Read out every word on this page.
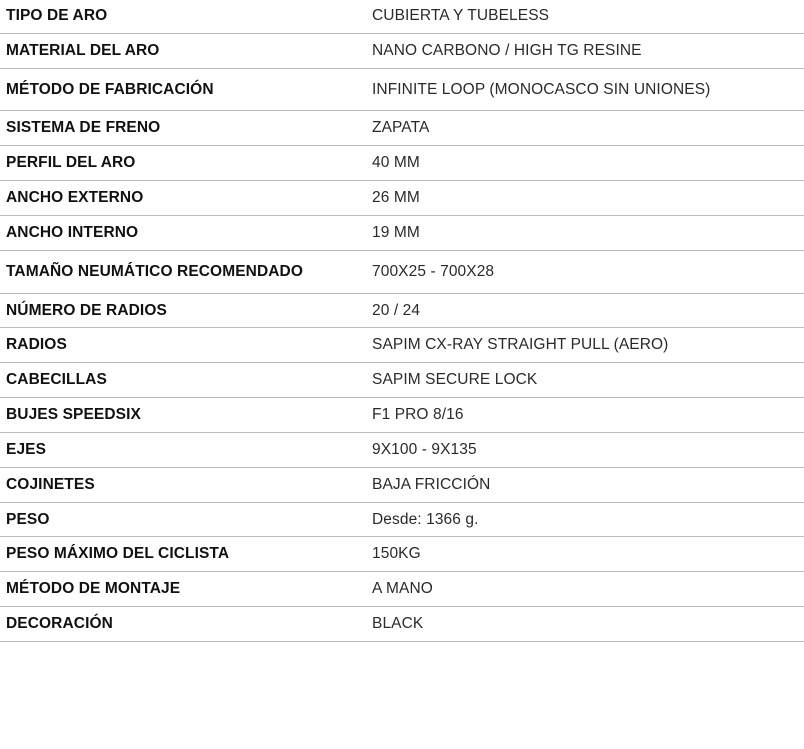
TIPO DE ARO	CUBIERTA Y TUBELESS
MATERIAL DEL ARO	NANO CARBONO / HIGH TG RESINE
MÉTODO DE FABRICACIÓN	INFINITE LOOP (MONOCASCO SIN UNIONES)
SISTEMA DE FRENO	ZAPATA
PERFIL DEL ARO	40 MM
ANCHO EXTERNO	26 MM
ANCHO INTERNO	19 MM
TAMAÑO NEUMÁTICO RECOMENDADO	700X25 - 700X28
NÚMERO DE RADIOS	20 / 24
RADIOS	SAPIM CX-RAY STRAIGHT PULL (AERO)
CABECILLAS	SAPIM SECURE LOCK
BUJES SPEEDSIX	F1 PRO 8/16
EJES	9X100 - 9X135
COJINETES	BAJA FRICCIÓN
PESO	Desde: 1366 g.
PESO MÁXIMO DEL CICLISTA	150KG
MÉTODO DE MONTAJE	A MANO
DECORACIÓN	BLACK
